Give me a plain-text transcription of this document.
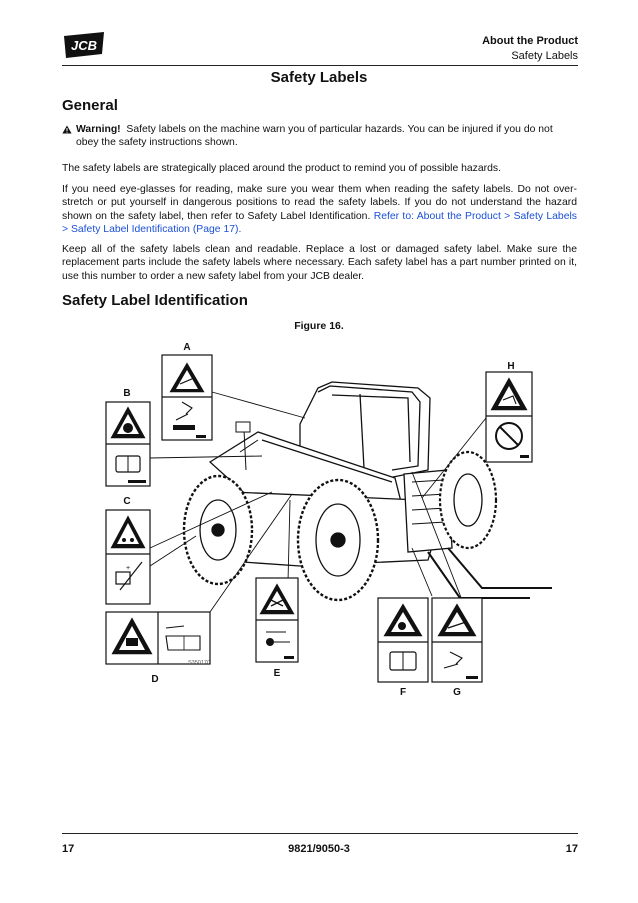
JCB	About the Product
Safety Labels
Safety Labels
General
Warning! Safety labels on the machine warn you of particular hazards. You can be injured if you do not
obey the safety instructions shown.

The safety labels are strategically placed around the product to remind you of possible hazards.

If you need eye-glasses for reading, make sure you wear them when reading the safety labels. Do not over-stretch or put yourself in dangerous positions to read the safety labels. If you do not understand the hazard shown on the safety label, then refer to Safety Label Identification. Refer to: About the Product > Safety Labels > Safety Label Identification (Page 17).

Keep all of the safety labels clean and readable. Replace a lost or damaged safety label. Make sure the replacement parts include the safety labels where necessary. Each safety label has a part number printed on it, use this number to order a new safety label from your JCB dealer.

Safety Label Identification
Figure 16.
A
B
+
C
S350170
D
E
F	G
H
17	9821/9050-3	17
